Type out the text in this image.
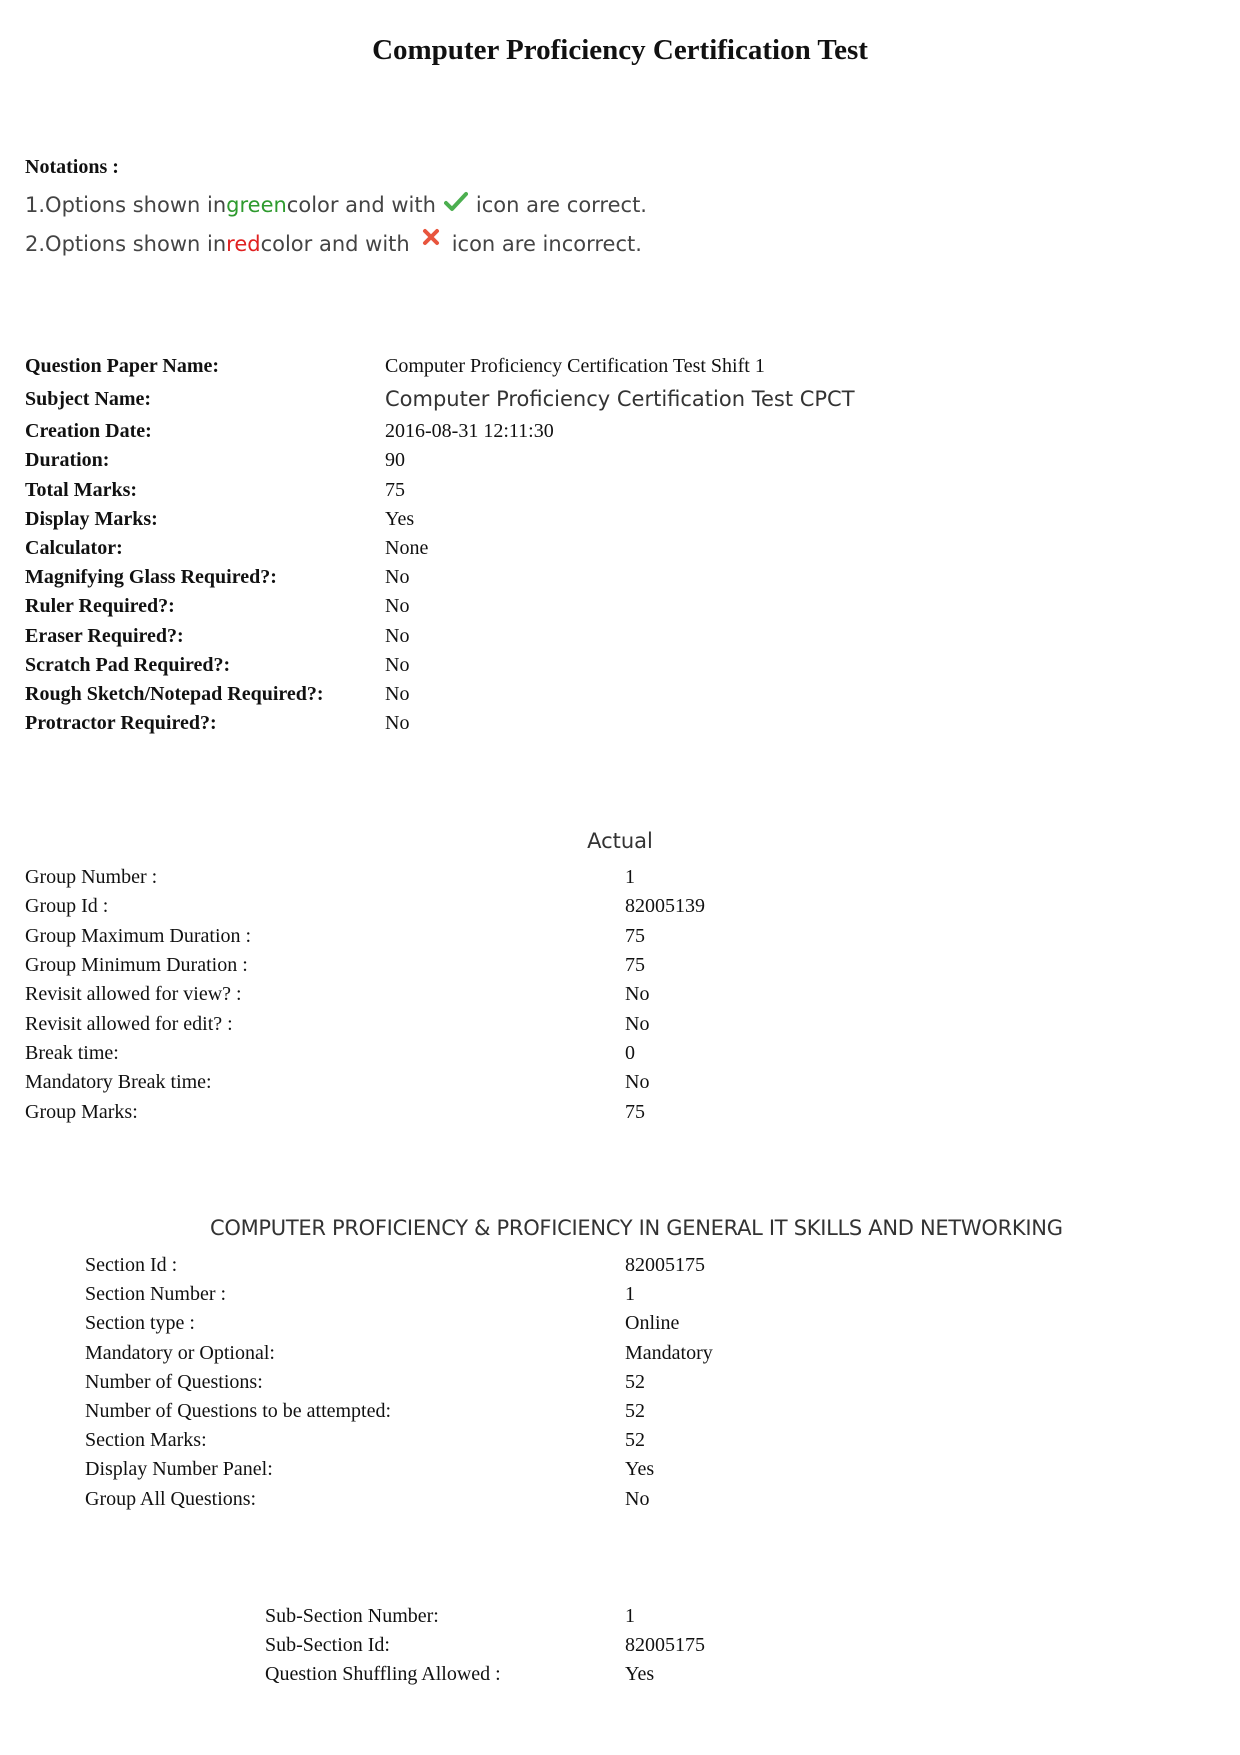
Computer Proficiency Certification Test
Notations :
1.Options shown in green color and with icon are correct.
2.Options shown in red color and with icon are incorrect.
Question Paper Name:	Computer Proficiency Certification Test Shift 1
Subject Name:	Computer Proficiency Certification Test CPCT
Creation Date:	2016-08-31 12:11:30
Duration:	90
Total Marks:	75
Display Marks:	Yes
Calculator:	None
Magnifying Glass Required?:	No
Ruler Required?:	No
Eraser Required?:	No
Scratch Pad Required?:	No
Rough Sketch/Notepad Required?:	No
Protractor Required?:	No
Actual
Group Number :	1
Group Id :	82005139
Group Maximum Duration :	75
Group Minimum Duration :	75
Revisit allowed for view? :	No
Revisit allowed for edit? :	No
Break time:	0
Mandatory Break time:	No
Group Marks:	75
COMPUTER PROFICIENCY & PROFICIENCY IN GENERAL IT SKILLS AND NETWORKING
Section Id :	82005175
Section Number :	1
Section type :	Online
Mandatory or Optional:	Mandatory
Number of Questions:	52
Number of Questions to be attempted:	52
Section Marks:	52
Display Number Panel:	Yes
Group All Questions:	No
Sub-Section Number:	1
Sub-Section Id:	82005175
Question Shuffling Allowed :	Yes
